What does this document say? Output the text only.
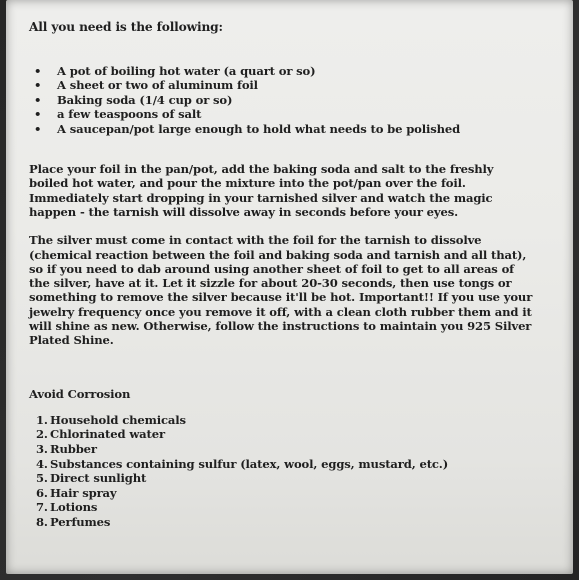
All you need is the following:
• A pot of boiling hot water (a quart or so)
• A sheet or two of aluminum foil
• Baking soda (1/4 cup or so)
• a few teaspoons of salt
• A saucepan/pot large enough to hold what needs to be polished

Place your foil in the pan/pot, add the baking soda and salt to the freshly boiled hot water, and pour the mixture into the pot/pan over the foil. Immediately start dropping in your tarnished silver and watch the magic happen - the tarnish will dissolve away in seconds before your eyes.

The silver must come in contact with the foil for the tarnish to dissolve (chemical reaction between the foil and baking soda and tarnish and all that), so if you need to dab around using another sheet of foil to get to all areas of the silver, have at it. Let it sizzle for about 20-30 seconds, then use tongs or something to remove the silver because it'll be hot. Important!! If you use your jewelry frequency once you remove it off, with a clean cloth rubber them and it will shine as new. Otherwise, follow the instructions to maintain you 925 Silver Plated Shine.

Avoid Corrosion
1. Household chemicals
2. Chlorinated water
3. Rubber
4. Substances containing sulfur (latex, wool, eggs, mustard, etc.)
5. Direct sunlight
6. Hair spray
7. Lotions
8. Perfumes
